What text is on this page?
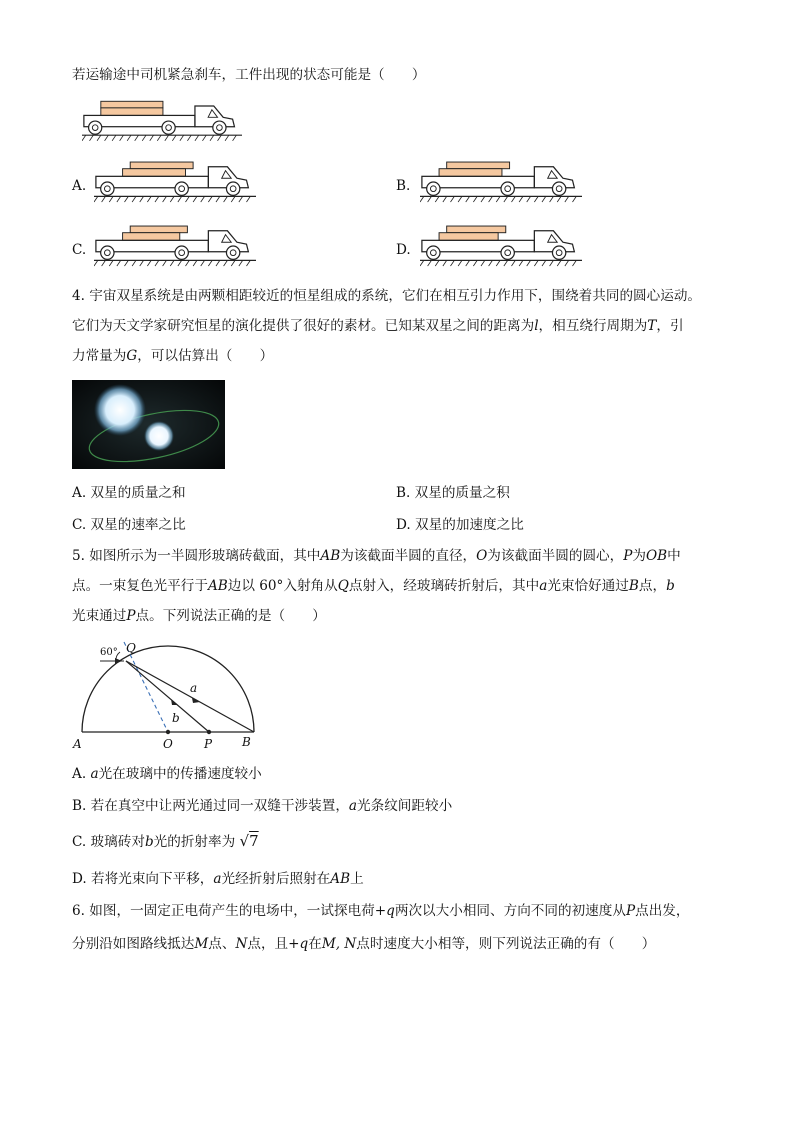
若运输途中司机紧急刹车，工件出现的状态可能是（　　）
A.	B.
C.	D.
4. 宇宙双星系统是由两颗相距较近的恒星组成的系统，它们在相互引力作用下，围绕着共同的圆心运动。
它们为天文学家研究恒星的演化提供了很好的素材。已知某双星之间的距离为l，相互绕行周期为T，引
力常量为G，可以估算出（　　）
A. 双星的质量之和	B. 双星的质量之积
C. 双星的速率之比	D. 双星的加速度之比
5. 如图所示为一半圆形玻璃砖截面，其中AB为该截面半圆的直径，O为该截面半圆的圆心，P为OB中
点。一束复色光平行于AB边以 60°入射角从Q点射入，经玻璃砖折射后，其中a光束恰好通过B点，b
光束通过P点。下列说法正确的是（　　）
60° Q
a
b
A	O	P B
A. a光在玻璃中的传播速度较小
B. 若在真空中让两光通过同一双缝干涉装置，a光条纹间距较小
C. 玻璃砖对b光的折射率为 √7
D. 若将光束向下平移，a光经折射后照射在AB上
6. 如图，一固定正电荷产生的电场中，一试探电荷+q两次以大小相同、方向不同的初速度从P点出发，
分别沿如图路线抵达M点、N点，且+q在M, N点时速度大小相等，则下列说法正确的有（　　）
